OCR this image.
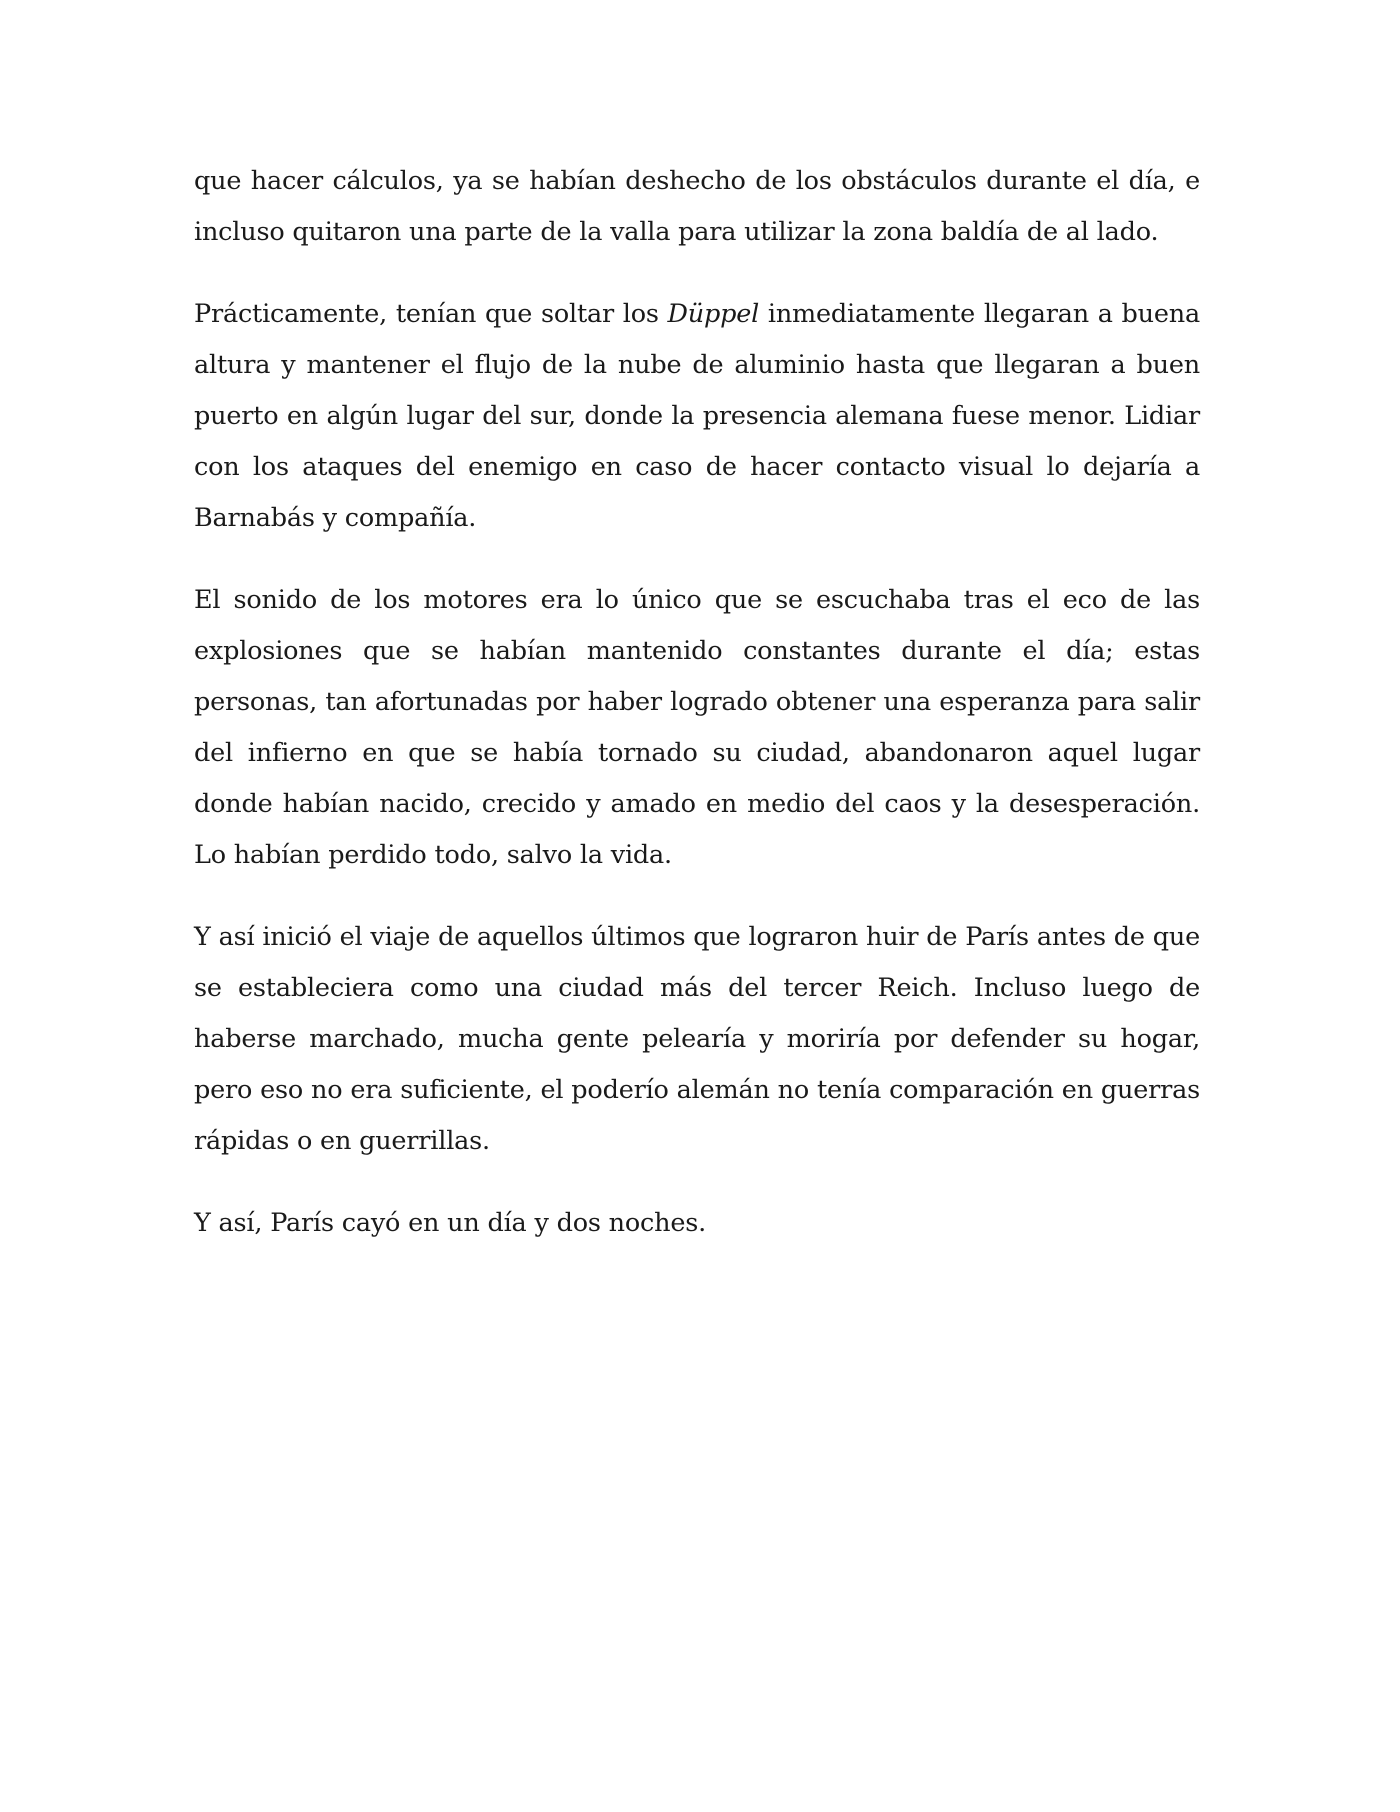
que hacer cálculos, ya se habían deshecho de los obstáculos durante el día, e incluso quitaron una parte de la valla para utilizar la zona baldía de al lado.

Prácticamente, tenían que soltar los Düppel inmediatamente llegaran a buena altura y mantener el flujo de la nube de aluminio hasta que llegaran a buen puerto en algún lugar del sur, donde la presencia alemana fuese menor. Lidiar con los ataques del enemigo en caso de hacer contacto visual lo dejaría a Barnabás y compañía.

El sonido de los motores era lo único que se escuchaba tras el eco de las explosiones que se habían mantenido constantes durante el día; estas personas, tan afortunadas por haber logrado obtener una esperanza para salir del infierno en que se había tornado su ciudad, abandonaron aquel lugar donde habían nacido, crecido y amado en medio del caos y la desesperación. Lo habían perdido todo, salvo la vida.

Y así inició el viaje de aquellos últimos que lograron huir de París antes de que se estableciera como una ciudad más del tercer Reich. Incluso luego de haberse marchado, mucha gente pelearía y moriría por defender su hogar, pero eso no era suficiente, el poderío alemán no tenía comparación en guerras rápidas o en guerrillas.

Y así, París cayó en un día y dos noches.
